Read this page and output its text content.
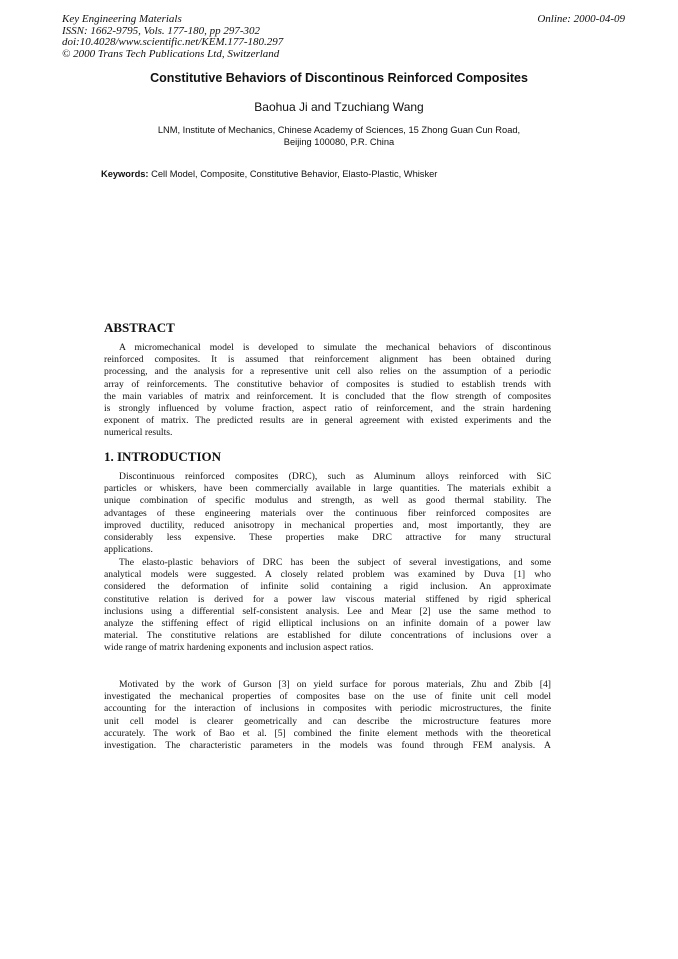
Key Engineering Materials
ISSN: 1662-9795, Vols. 177-180, pp 297-302
doi:10.4028/www.scientific.net/KEM.177-180.297
© 2000 Trans Tech Publications Ltd, Switzerland
Online: 2000-04-09
Constitutive Behaviors of Discontinous Reinforced Composites
Baohua Ji and Tzuchiang Wang
LNM, Institute of Mechanics, Chinese Academy of Sciences, 15 Zhong Guan Cun Road,
Beijing 100080, P.R. China
Keywords: Cell Model, Composite, Constitutive Behavior, Elasto-Plastic, Whisker
ABSTRACT
A micromechanical model is developed to simulate the mechanical behaviors of discontinous
reinforced composites. It is assumed that reinforcement alignment has been obtained during
processing, and the analysis for a representive unit cell also relies on the assumption of a periodic
array of reinforcements. The constitutive behavior of composites is studied to establish trends with
the main variables of matrix and reinforcement. It is concluded that the flow strength of composites
is strongly influenced by volume fraction, aspect ratio of reinforcement, and the strain hardening
exponent of matrix. The predicted results are in general agreement with existed experiments and the
numerical results.
1. INTRODUCTION
Discontinuous reinforced composites (DRC), such as Aluminum alloys reinforced with SiC
particles or whiskers, have been commercially available in large quantities. The materials exhibit a
unique combination of specific modulus and strength, as well as good thermal stability. The
advantages of these engineering materials over the continuous fiber reinforced composites are
improved ductility, reduced anisotropy in mechanical properties and, most importantly, they are
considerably less expensive. These properties make DRC attractive for many structural
applications.
The elasto-plastic behaviors of DRC has been the subject of several investigations, and some
analytical models were suggested. A closely related problem was examined by Duva [1] who
considered the deformation of infinite solid containing a rigid inclusion. An approximate
constitutive relation is derived for a power law viscous material stiffened by rigid spherical
inclusions using a differential self-consistent analysis. Lee and Mear [2] use the same method to
analyze the stiffening effect of rigid elliptical inclusions on an infinite domain of a power law
material. The constitutive relations are established for dilute concentrations of inclusions over a
wide range of matrix hardening exponents and inclusion aspect ratios.
Motivated by the work of Gurson [3] on yield surface for porous materials, Zhu and Zbib [4]
investigated the mechanical properties of composites base on the use of finite unit cell model
accounting for the interaction of inclusions in composites with periodic microstructures, the finite
unit cell model is clearer geometrically and can describe the microstructure features more
accurately. The work of Bao et al. [5] combined the finite element methods with the theoretical
investigation. The characteristic parameters in the models was found through FEM analysis. A
